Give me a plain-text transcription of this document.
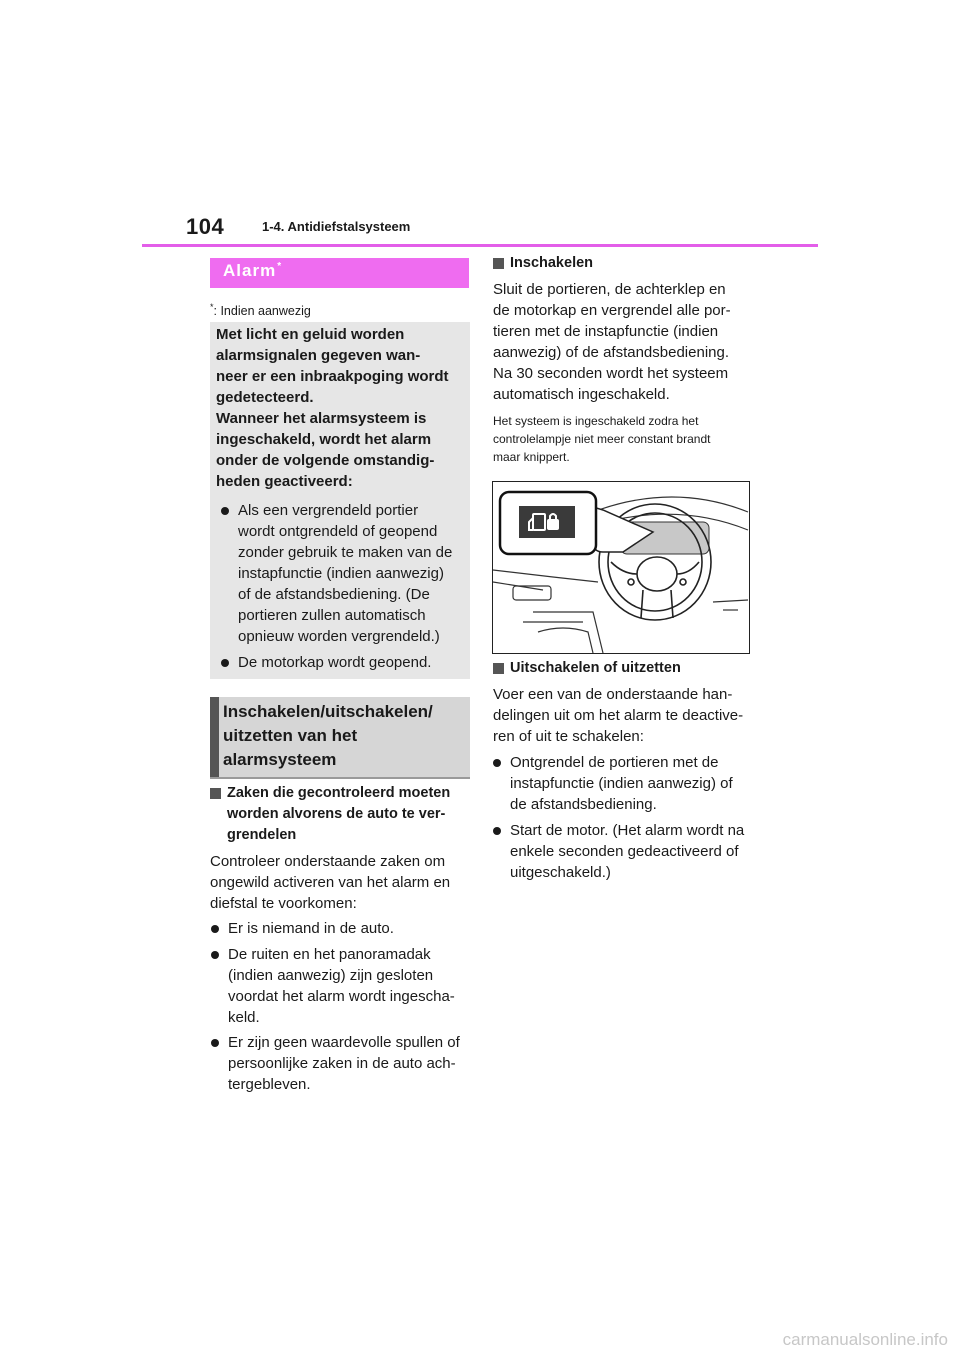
104	1-4. Antidiefstalsysteem
Alarm*
*: Indien aanwezig
Met licht en geluid worden
alarmsignalen gegeven wan-
neer er een inbraakpoging wordt
gedetecteerd.
Wanneer het alarmsysteem is
ingeschakeld, wordt het alarm
onder de volgende omstandig-
heden geactiveerd:
Als een vergrendeld portier
wordt ontgrendeld of geopend
zonder gebruik te maken van de
instapfunctie (indien aanwezig)
of de afstandsbediening. (De
portieren zullen automatisch
opnieuw worden vergrendeld.)
De motorkap wordt geopend.
Inschakelen/uitschakelen/
uitzetten van het
alarmsysteem
Zaken die gecontroleerd moeten
worden alvorens de auto te ver-
grendelen
Controleer onderstaande zaken om
ongewild activeren van het alarm en
diefstal te voorkomen:
Er is niemand in de auto.
De ruiten en het panoramadak
(indien aanwezig) zijn gesloten
voordat het alarm wordt ingescha-
keld.
Er zijn geen waardevolle spullen of
persoonlijke zaken in de auto ach-
tergebleven.
Inschakelen
Sluit de portieren, de achterklep en
de motorkap en vergrendel alle por-
tieren met de instapfunctie (indien
aanwezig) of de afstandsbediening.
Na 30 seconden wordt het systeem
automatisch ingeschakeld.
Het systeem is ingeschakeld zodra het
controlelampje niet meer constant brandt
maar knippert.
Uitschakelen of uitzetten
Voer een van de onderstaande han-
delingen uit om het alarm te deactive-
ren of uit te schakelen:
Ontgrendel de portieren met de
instapfunctie (indien aanwezig) of
de afstandsbediening.
Start de motor. (Het alarm wordt na
enkele seconden gedeactiveerd of
uitgeschakeld.)
carmanualsonline.info
